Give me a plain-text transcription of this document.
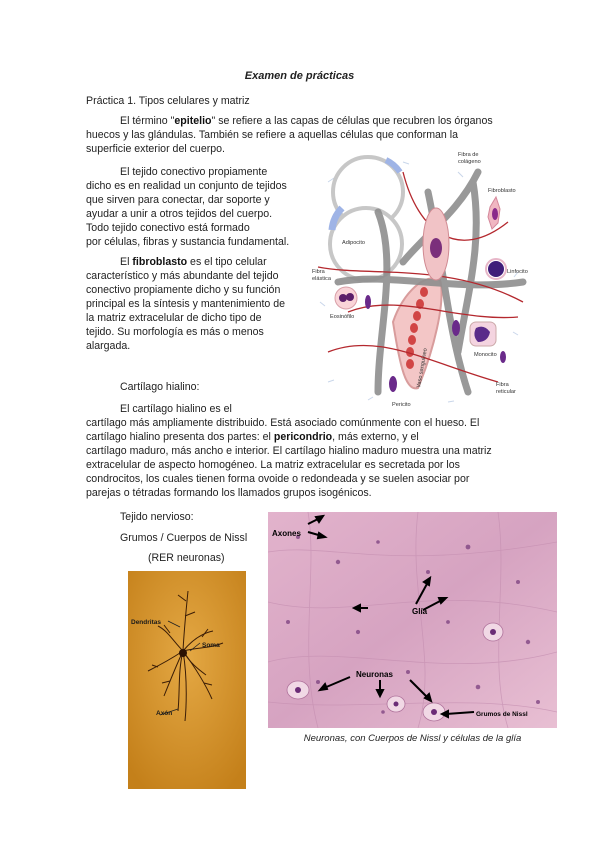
Examen de prácticas
Práctica 1. Tipos celulares y matriz
El término "epitelio" se refiere a las capas de células que recubren los órganos
huecos y las glándulas. También se refiere a aquellas células que conforman la
superficie exterior del cuerpo.
El tejido conectivo propiamente
dicho es en realidad un conjunto de tejidos
que sirven para conectar, dar soporte y
ayudar a unir a otros tejidos del cuerpo.
Todo tejido conectivo está formado
por células, fibras y sustancia fundamental.
El fibroblasto es el tipo celular
característico y más abundante del tejido
conectivo propiamente dicho y su función
principal es la síntesis y mantenimiento de
la matriz extracelular de dicho tipo de
tejido. Su morfología es más o menos
alargada.
Fibra de
colágeno
Fibroblasto
Adipocito
Fibra
elástica
Linfocito
Eosinófilo
Monocito
Vaso sanguíneo	Fibra
reticular
Pericito
Cartílago hialino:
El cartílago hialino es el
cartílago más ampliamente distribuido. Está asociado comúnmente con el hueso. El
cartílago hialino presenta dos partes: el pericondrio, más externo, y el
cartílago maduro, más ancho e interior. El cartílago hialino maduro muestra una matriz
extracelular de aspecto homogéneo. La matriz extracelular es secretada por los
condrocitos, los cuales tienen forma ovoide o redondeada y se suelen asociar por
parejas o tétradas formando los llamados grupos isogénicos.
Tejido nervioso:
Grumos / Cuerpos de Nissl
(RER neuronas)
Dendritas
Soma
Axón
Axones
Glía
Neuronas
Grumos de Nissl
Neuronas, con Cuerpos de Nissl y células de la glía
